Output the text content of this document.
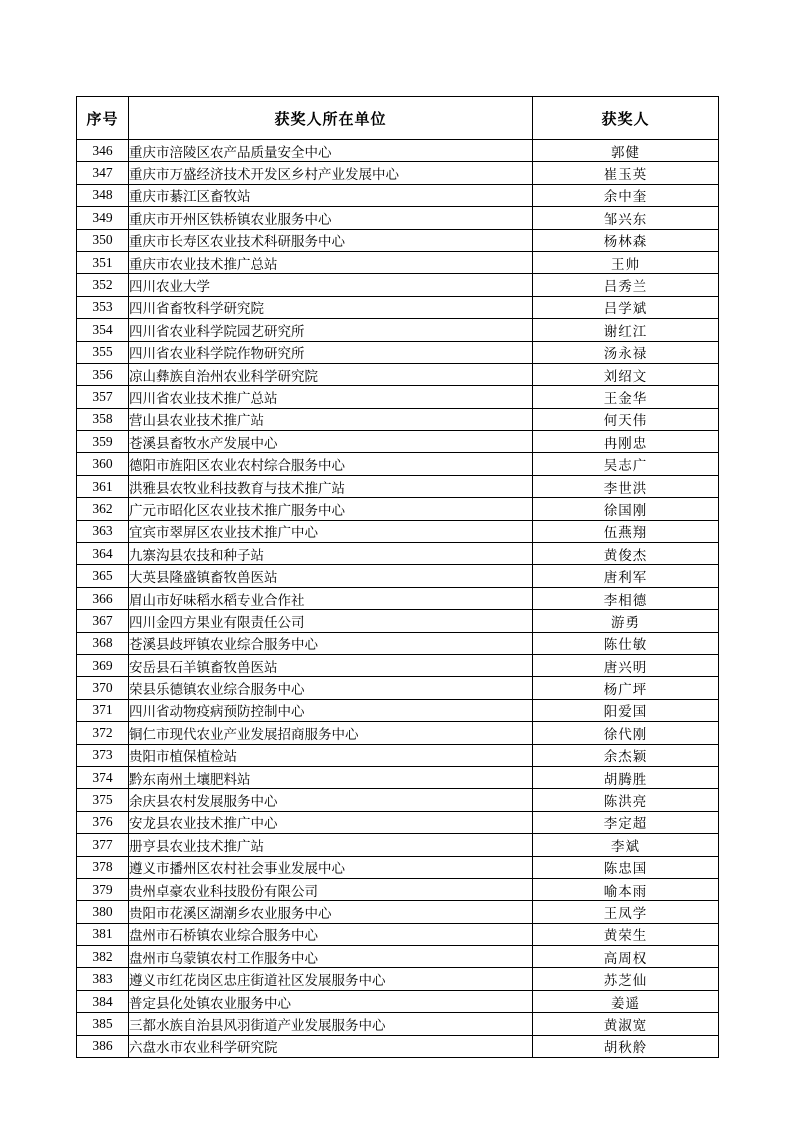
序号	获奖人所在单位	获奖人
346	重庆市涪陵区农产品质量安全中心	郭健
347	重庆市万盛经济技术开发区乡村产业发展中心	崔玉英
348	重庆市綦江区畜牧站	余中奎
349	重庆市开州区铁桥镇农业服务中心	邹兴东
350	重庆市长寿区农业技术科研服务中心	杨林森
351	重庆市农业技术推广总站	王帅
352	四川农业大学	吕秀兰
353	四川省畜牧科学研究院	吕学斌
354	四川省农业科学院园艺研究所	谢红江
355	四川省农业科学院作物研究所	汤永禄
356	凉山彝族自治州农业科学研究院	刘绍文
357	四川省农业技术推广总站	王金华
358	营山县农业技术推广站	何天伟
359	苍溪县畜牧水产发展中心	冉刚忠
360	德阳市旌阳区农业农村综合服务中心	吴志广
361	洪雅县农牧业科技教育与技术推广站	李世洪
362	广元市昭化区农业技术推广服务中心	徐国刚
363	宜宾市翠屏区农业技术推广中心	伍燕翔
364	九寨沟县农技和种子站	黄俊杰
365	大英县隆盛镇畜牧兽医站	唐利军
366	眉山市好味稻水稻专业合作社	李相德
367	四川金四方果业有限责任公司	游勇
368	苍溪县歧坪镇农业综合服务中心	陈仕敏
369	安岳县石羊镇畜牧兽医站	唐兴明
370	荣县乐德镇农业综合服务中心	杨广坪
371	四川省动物疫病预防控制中心	阳爱国
372	铜仁市现代农业产业发展招商服务中心	徐代刚
373	贵阳市植保植检站	余杰颖
374	黔东南州土壤肥料站	胡腾胜
375	余庆县农村发展服务中心	陈洪亮
376	安龙县农业技术推广中心	李定超
377	册亨县农业技术推广站	李斌
378	遵义市播州区农村社会事业发展中心	陈忠国
379	贵州卓豪农业科技股份有限公司	喻本雨
380	贵阳市花溪区湖潮乡农业服务中心	王凤学
381	盘州市石桥镇农业综合服务中心	黄荣生
382	盘州市乌蒙镇农村工作服务中心	高周权
383	遵义市红花岗区忠庄街道社区发展服务中心	苏芝仙
384	普定县化处镇农业服务中心	姜遥
385	三都水族自治县风羽街道产业发展服务中心	黄淑宽
386	六盘水市农业科学研究院	胡秋舲
